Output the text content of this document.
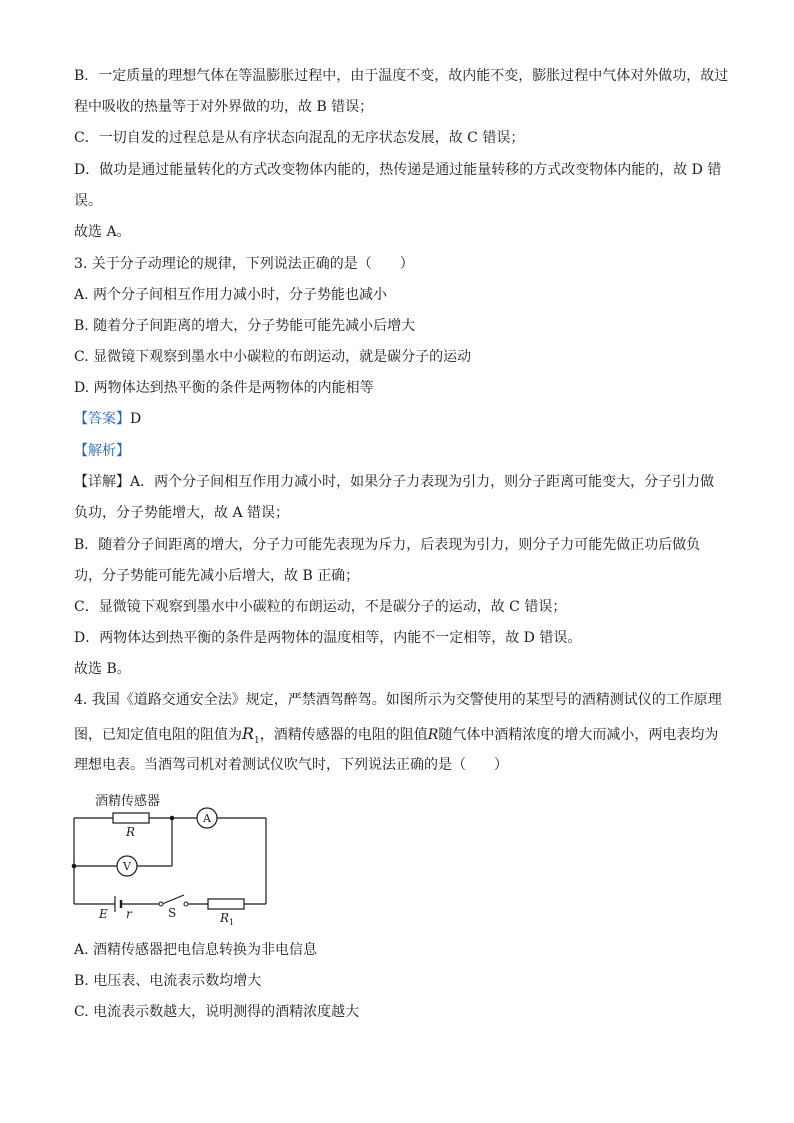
B．一定质量的理想气体在等温膨胀过程中，由于温度不变，故内能不变，膨胀过程中气体对外做功，故过
程中吸收的热量等于对外界做的功，故 B 错误；
C．一切自发的过程总是从有序状态向混乱的无序状态发展，故 C 错误；
D．做功是通过能量转化的方式改变物体内能的，热传递是通过能量转移的方式改变物体内能的，故 D 错
误。
故选 A。
3. 关于分子动理论的规律，下列说法正确的是（　　）
A. 两个分子间相互作用力减小时，分子势能也减小
B. 随着分子间距离的增大，分子势能可能先减小后增大
C. 显微镜下观察到墨水中小碳粒的布朗运动，就是碳分子的运动
D. 两物体达到热平衡的条件是两物体的内能相等
【答案】D
【解析】
【详解】A．两个分子间相互作用力减小时，如果分子力表现为引力，则分子距离可能变大，分子引力做
负功，分子势能增大，故 A 错误；
B．随着分子间距离的增大，分子力可能先表现为斥力，后表现为引力，则分子力可能先做正功后做负
功，分子势能可能先减小后增大，故 B 正确；
C．显微镜下观察到墨水中小碳粒的布朗运动，不是碳分子的运动，故 C 错误；
D．两物体达到热平衡的条件是两物体的温度相等，内能不一定相等，故 D 错误。
故选 B。
4. 我国《道路交通安全法》规定，严禁酒驾醉驾。如图所示为交警使用的某型号的酒精测试仪的工作原理
图，已知定值电阻的阻值为$R_1$，酒精传感器的电阻的阻值R随气体中酒精浓度的增大而减小，两电表均为
理想电表。当酒驾司机对着测试仪吹气时，下列说法正确的是（　　）
酒精传感器
R
A
V
E r	S	$R_1$
A. 酒精传感器把电信息转换为非电信息
B. 电压表、电流表示数均增大
C. 电流表示数越大，说明测得的酒精浓度越大
